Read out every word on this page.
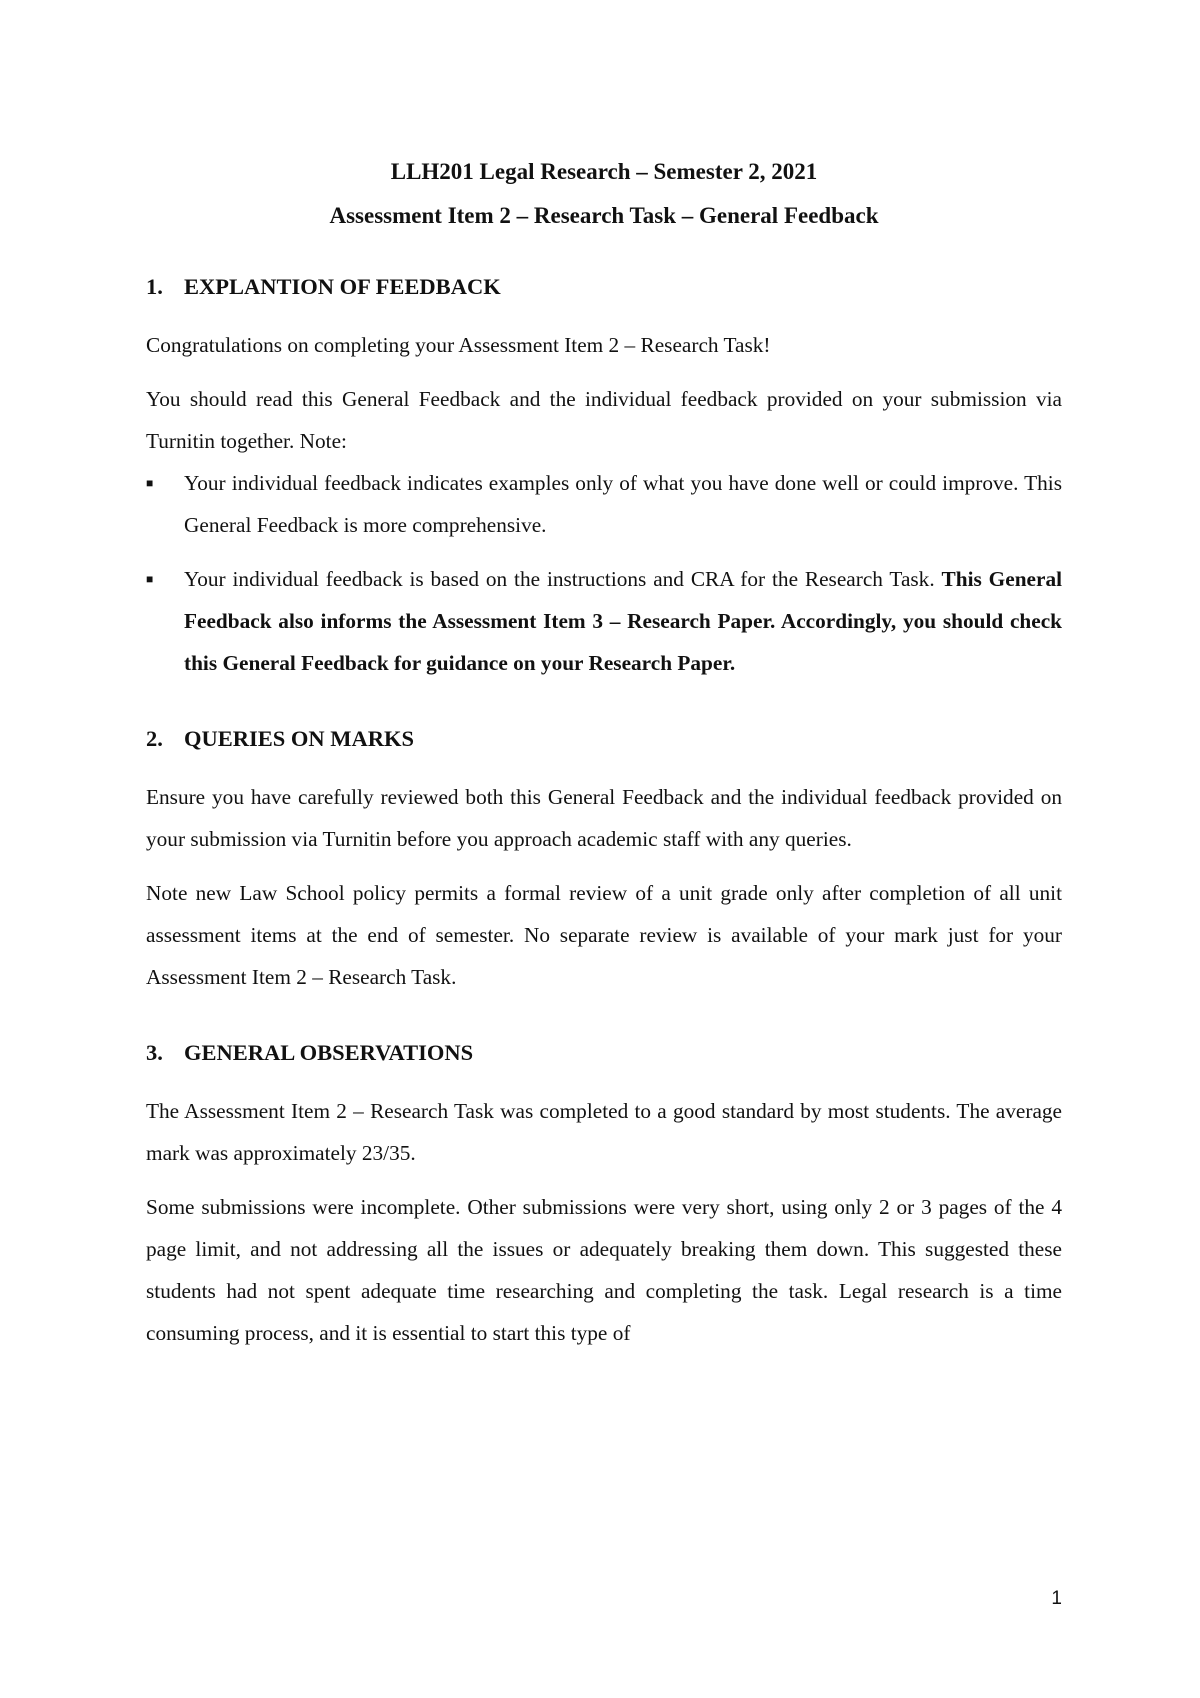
LLH201 Legal Research – Semester 2, 2021

Assessment Item 2 – Research Task – General Feedback

1. EXPLANTION OF FEEDBACK

Congratulations on completing your Assessment Item 2 – Research Task!

You should read this General Feedback and the individual feedback provided on your submission via Turnitin together. Note:

■	Your individual feedback indicates examples only of what you have done well or could improve. This General Feedback is more comprehensive.
■	Your individual feedback is based on the instructions and CRA for the Research Task. This General Feedback also informs the Assessment Item 3 – Research Paper. Accordingly, you should check this General Feedback for guidance on your Research Paper.
2. QUERIES ON MARKS

Ensure you have carefully reviewed both this General Feedback and the individual feedback provided on your submission via Turnitin before you approach academic staff with any queries.

Note new Law School policy permits a formal review of a unit grade only after completion of all unit assessment items at the end of semester. No separate review is available of your mark just for your Assessment Item 2 – Research Task.

3. GENERAL OBSERVATIONS

The Assessment Item 2 – Research Task was completed to a good standard by most students. The average mark was approximately 23/35.

Some submissions were incomplete. Other submissions were very short, using only 2 or 3 pages of the 4 page limit, and not addressing all the issues or adequately breaking them down. This suggested these students had not spent adequate time researching and completing the task. Legal research is a time consuming process, and it is essential to start this type of

1
